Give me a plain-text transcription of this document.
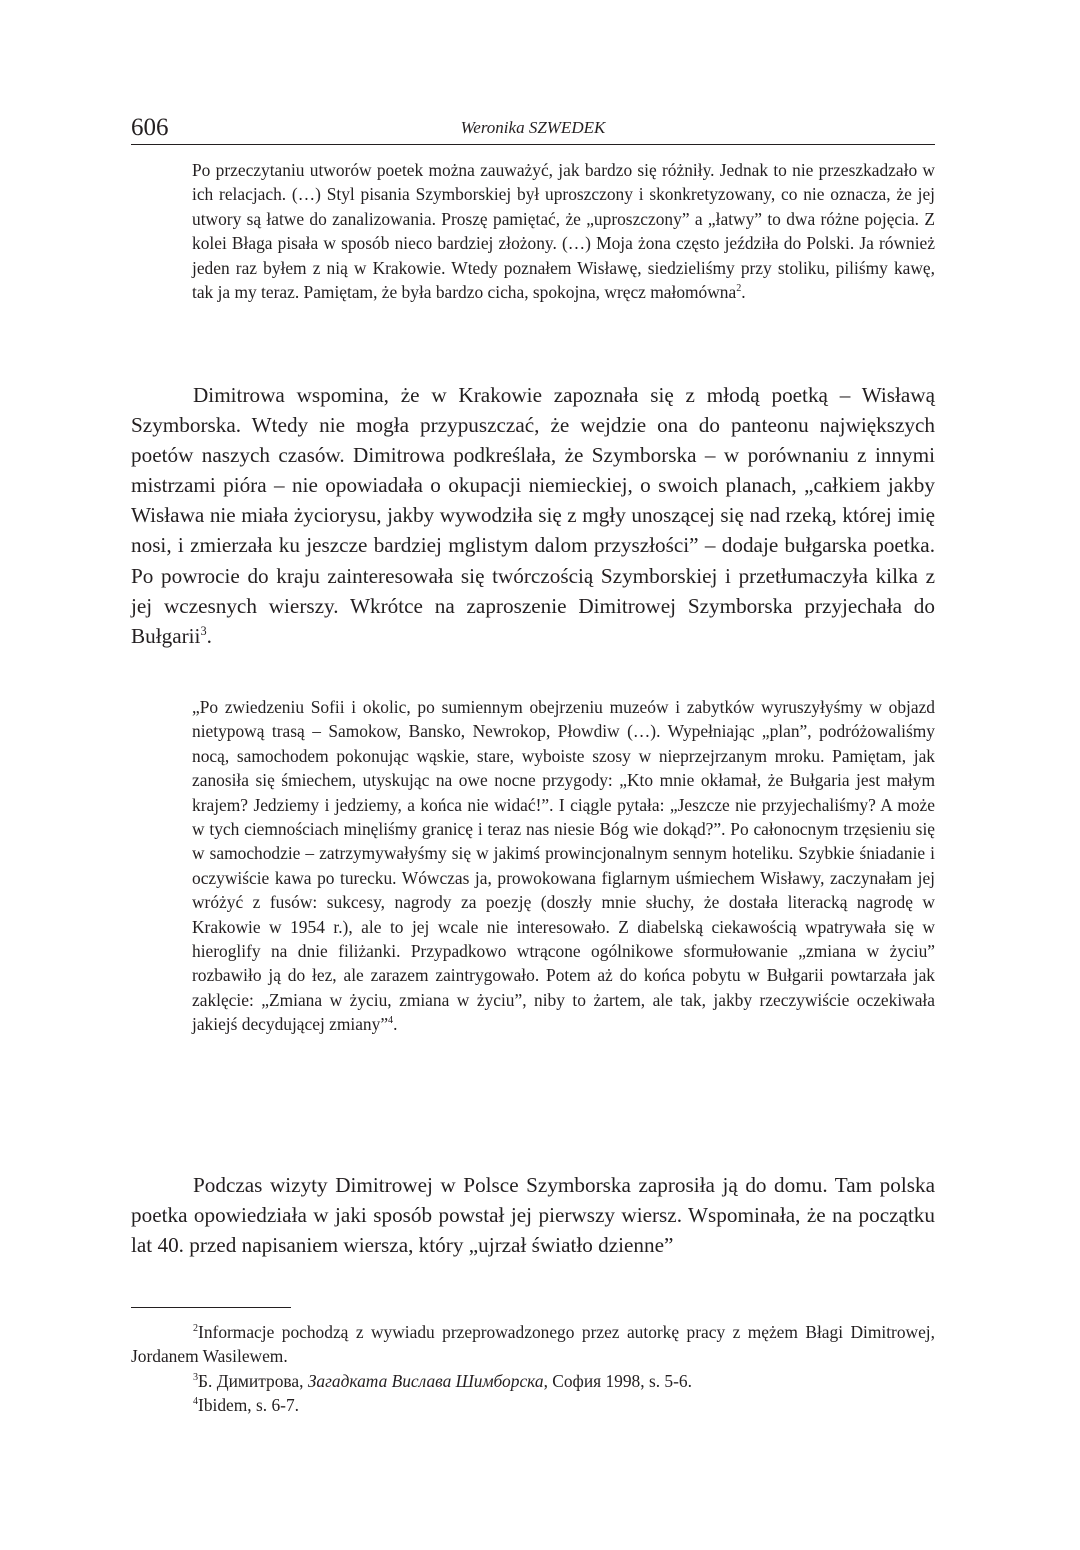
606	Weronika SZWEDEK

Po przeczytaniu utworów poetek można zauważyć, jak bardzo się różniły. Jednak to nie przeszkadzało w ich relacjach. (…) Styl pisania Szymborskiej był uproszczony i skonkretyzowany, co nie oznacza, że jej utwory są łatwe do zanalizowania. Proszę pamiętać, że „uproszczony” a „łatwy” to dwa różne pojęcia. Z kolei Błaga pisała w sposób nieco bardziej złożony. (…) Moja żona często jeździła do Polski. Ja również jeden raz byłem z nią w Krakowie. Wtedy poznałem Wisławę, siedzieliśmy przy stoliku, piliśmy kawę, tak ja my teraz. Pamiętam, że była bardzo cicha, spokojna, wręcz małomówna$^2$.

Dimitrowa wspomina, że w Krakowie zapoznała się z młodą poetką – Wisławą Szymborska. Wtedy nie mogła przypuszczać, że wejdzie ona do panteonu największych poetów naszych czasów. Dimitrowa podkreślała, że Szymborska – w porównaniu z innymi mistrzami pióra – nie opowiadała o okupacji niemieckiej, o swoich planach, „całkiem jakby Wisława nie miała życiorysu, jakby wywodziła się z mgły unoszącej się nad rzeką, której imię nosi, i zmierzała ku jeszcze bardziej mglistym dalom przyszłości” – dodaje bułgarska poetka. Po powrocie do kraju zainteresowała się twórczością Szymborskiej i przetłumaczyła kilka z jej wczesnych wierszy. Wkrótce na zaproszenie Dimitrowej Szymborska przyjechała do Bułgarii$^3$.

„Po zwiedzeniu Sofii i okolic, po sumiennym obejrzeniu muzeów i zabytków wyruszyłyśmy w objazd nietypową trasą – Samokow, Bansko, Newrokop, Płowdiw (…). Wypełniając „plan”, podróżowaliśmy nocą, samochodem pokonując wąskie, stare, wyboiste szosy w nieprzejrzanym mroku. Pamiętam, jak zanosiła się śmiechem, utyskując na owe nocne przygody: „Kto mnie okłamał, że Bułgaria jest małym krajem? Jedziemy i jedziemy, a końca nie widać!”. I ciągle pytała: „Jeszcze nie przyjechaliśmy? A może w tych ciemnościach minęliśmy granicę i teraz nas niesie Bóg wie dokąd?”. Po całonocnym trzęsieniu się w samochodzie – zatrzymywałyśmy się w jakimś prowincjonalnym sennym hoteliku. Szybkie śniadanie i oczywiście kawa po turecku. Wówczas ja, prowokowana figlarnym uśmiechem Wisławy, zaczynałam jej wróżyć z fusów: sukcesy, nagrody za poezję (doszły mnie słuchy, że dostała literacką nagrodę w Krakowie w 1954 r.), ale to jej wcale nie interesowało. Z diabelską ciekawością wpatrywała się w hieroglify na dnie filiżanki. Przypadkowo wtrącone ogólnikowe sformułowanie „zmiana w życiu” rozbawiło ją do łez, ale zarazem zaintrygowało. Potem aż do końca pobytu w Bułgarii powtarzała jak zaklęcie: „Zmiana w życiu, zmiana w życiu”, niby to żartem, ale tak, jakby rzeczywiście oczekiwała jakiejś decydującej zmiany”$^4$.

Podczas wizyty Dimitrowej w Polsce Szymborska zaprosiła ją do domu. Tam polska poetka opowiedziała w jaki sposób powstał jej pierwszy wiersz. Wspominała, że na początku lat 40. przed napisaniem wiersza, który „ujrzał światło dzienne”

$^2$Informacje pochodzą z wywiadu przeprowadzonego przez autorkę pracy z mężem Błagi Dimitrowej, Jordanem Wasilewem.

$^3$Б. Димитрова, Загадката Вислава Шимборска, София 1998, s. 5-6.

$^4$Ibidem, s. 6-7.
